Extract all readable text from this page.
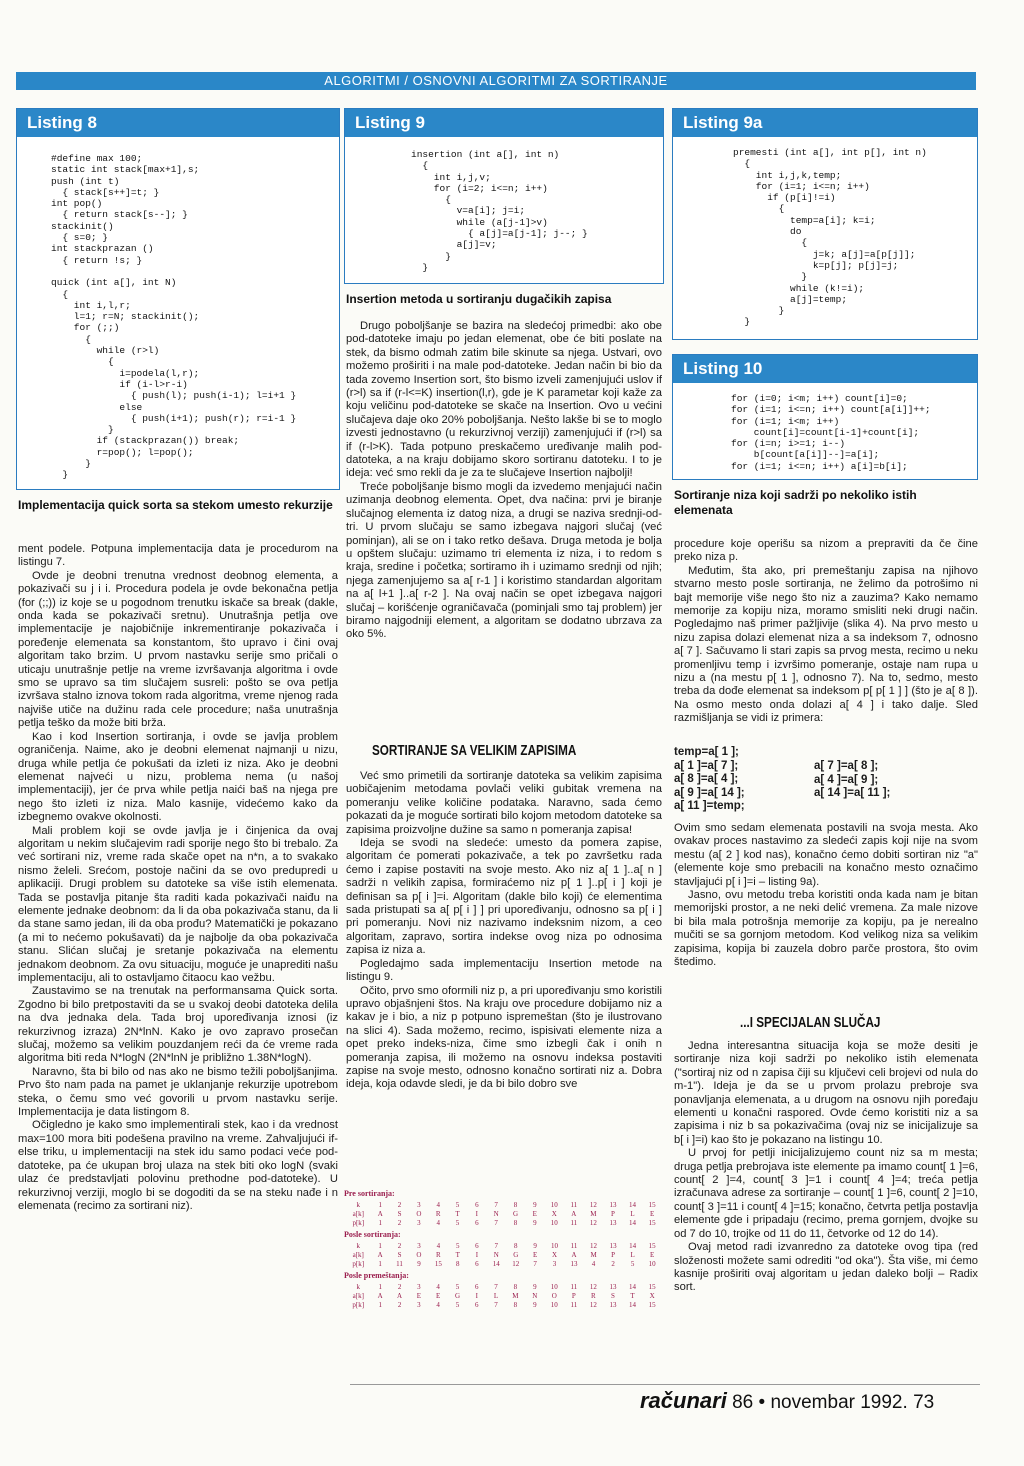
ALGORITMI / OSNOVNI ALGORITMI ZA SORTIRANJE
Listing 8
#define max 100;
static int stack[max+1],s;
push (int t)
{ stack[s++]=t; }
int pop()
{ return stack[s--]; }
stackinit()
{ s=0; }
int stackprazan ()
{ return !s; }

quick (int a[], int N)
{
int i,l,r;
l=1; r=N; stackinit();
for (;;)
{
while (r>l)
{
i=podela(l,r);
if (i-l>r-i)
{ push(l); push(i-1); l=i+1 }
else
{ push(i+1); push(r); r=i-1 }
}
if (stackprazan()) break;
r=pop(); l=pop();
}
}
Implementacija quick sorta sa stekom umesto rekurzije
Listing 9
insertion (int a[], int n)
{
int i,j,v;
for (i=2; i<=n; i++)
{
v=a[i]; j=i;
while (a[j-1]>v)
{ a[j]=a[j-1]; j--; }
a[j]=v;
}
}
Insertion metoda u sortiranju dugačikih zapisa
Listing 9a
premesti (int a[], int p[], int n)
{
int i,j,k,temp;
for (i=1; i<=n; i++)
if (p[i]!=i)
{
temp=a[i]; k=i;
do
{
j=k; a[j]=a[p[j]];
k=p[j]; p[j]=j;
}
while (k!=i);
a[j]=temp;
}
}
Listing 10
for (i=0; i<m; i++) count[i]=0;
for (i=1; i<=n; i++) count[a[i]]++;
for (i=1; i<m; i++)
count[i]=count[i-1]+count[i];
for (i=n; i>=1; i--)
b[count[a[i]]--]=a[i];
for (i=1; i<=n; i++) a[i]=b[i];
Sortiranje niza koji sadrži po nekoliko istih elemenata

ment podele. Potpuna implementacija data je procedurom na listingu 7.

Ovde je deobni trenutna vrednost deobnog elementa, a pokazivači su j i i. Procedura podela je ovde bekonačna petlja (for (;;)) iz koje se u pogodnom trenutku iskače sa break (dakle, onda kada se pokazivači sretnu). Unutrašnja petlja ove implementacije je najobičnije inkrementiranje pokazivača i poređenje elemenata sa konstantom, što upravo i čini ovaj algoritam tako brzim. U prvom nastavku serije smo pričali o uticaju unutrašnje petlje na vreme izvršavanja algoritma i ovde smo se upravo sa tim slučajem susreli: pošto se ova petlja izvršava stalno iznova tokom rada algoritma, vreme njenog rada najviše utiče na dužinu rada cele procedure; naša unutrašnja petlja teško da može biti brža.

Kao i kod Insertion sortiranja, i ovde se javlja problem ograničenja. Naime, ako je deobni elemenat najmanji u nizu, druga while petlja će pokušati da izleti iz niza. Ako je deobni elemenat najveći u nizu, problema nema (u našoj implementaciji), jer će prva while petlja naići baš na njega pre nego što izleti iz niza. Malo kasnije, videćemo kako da izbegnemo ovakve okolnosti.

Mali problem koji se ovde javlja je i činjenica da ovaj algoritam u nekim slučajevim radi sporije nego što bi trebalo. Za već sortirani niz, vreme rada skače opet na n*n, a to svakako nismo želeli. Srećom, postoje načini da se ovo predupredi u aplikaciji. Drugi problem su datoteke sa više istih elemenata. Tada se postavlja pitanje šta raditi kada pokazivači naiđu na elemente jednake deobnom: da li da oba pokazivača stanu, da li da stane samo jedan, ili da oba prođu? Matematički je pokazano (a mi to nećemo pokušavati) da je najbolje da oba pokazivača stanu. Slićan slučaj je sretanje pokazivača na elementu jednakom deobnom. Za ovu situaciju, moguće je unaprediti našu implementaciju, ali to ostavljamo čitaocu kao vežbu.

Zaustavimo se na trenutak na performansama Quick sorta. Zgodno bi bilo pretpostaviti da se u svakoj deobi datoteka delila na dva jednaka dela. Tada broj upoređivanja iznosi (iz rekurzivnog izraza) 2N*lnN. Kako je ovo zapravo prosečan slučaj, možemo sa velikim pouzdanjem reći da će vreme rada algoritma biti reda N*logN (2N*lnN je približno 1.38N*logN).

Naravno, šta bi bilo od nas ako ne bismo težili poboljšanjima. Prvo što nam pada na pamet je uklanjanje rekurzije upotrebom steka, o čemu smo već govorili u prvom nastavku serije. Implementacija je data listingom 8.

Očigledno je kako smo implementirali stek, kao i da vrednost max=100 mora biti podešena pravilno na vreme. Zahvaljujući if-else triku, u implementaciji na stek idu samo podaci veće pod-datoteke, pa će ukupan broj ulaza na stek biti oko logN (svaki ulaz će predstavljati polovinu prethodne pod-datoteke). U rekurzivnoj verziji, moglo bi se dogoditi da se na steku nađe i n elemenata (recimo za sortirani niz).

Drugo poboljšanje se bazira na sledećoj primedbi: ako obe pod-datoteke imaju po jedan elemenat, obe će biti poslate na stek, da bismo odmah zatim bile skinute sa njega. Ustvari, ovo možemo proširiti i na male pod-datoteke. Jedan način bi bio da tada zovemo Insertion sort, što bismo izveli zamenjujući uslov if (r>l) sa if (r-l<=K) insertion(l,r), gde je K parametar koji kaže za koju veličinu pod-datoteke se skače na Insertion. Ovo u većini slučajeva daje oko 20% poboljšanja. Nešto lakše bi se to moglo izvesti jednostavno (u rekurzivnoj verziji) zamenjujući if (r>l) sa if (r-l>K). Tada potpuno preskačemo uređivanje malih pod-datoteka, a na kraju dobijamo skoro sortiranu datoteku. I to je ideja: već smo rekli da je za te slučajeve Insertion najbolji!

Treće poboljšanje bismo mogli da izvedemo menjajući način uzimanja deobnog elementa. Opet, dva načina: prvi je biranje slučajnog elementa iz datog niza, a drugi se naziva srednji-od-tri. U prvom slučaju se samo izbegava najgori slučaj (već pominjan), ali se on i tako retko dešava. Druga metoda je bolja u opštem slučaju: uzimamo tri elementa iz niza, i to redom s kraja, sredine i početka; sortiramo ih i uzimamo srednji od njih; njega zamenjujemo sa a[ r-1 ] i koristimo standardan algoritam na a[ l+1 ]..a[ r-2 ]. Na ovaj način se opet izbegava najgori slučaj – korišćenje ograničavača (pominjali smo taj problem) jer biramo najgodniji element, a algoritam se dodatno ubrzava za oko 5%.

SORTIRANJE SA VELIKIM ZAPISIMA

Već smo primetili da sortiranje datoteka sa velikim zapisima uobičajenim metodama povlači veliki gubitak vremena na pomeranju velike količine podataka. Naravno, sada ćemo pokazati da je moguće sortirati bilo kojom metodom datoteke sa zapisima proizvoljne dužine sa samo n pomeranja zapisa!

Ideja se svodi na sledeće: umesto da pomera zapise, algoritam će pomerati pokazivače, a tek po završetku rada ćemo i zapise postaviti na svoje mesto. Ako niz a[ 1 ]..a[ n ] sadrži n velikih zapisa, formiraćemo niz p[ 1 ]..p[ i ] koji je definisan sa p[ i ]=i. Algoritam (dakle bilo koji) će elementima sada pristupati sa a[ p[ i ] ] pri upoređivanju, odnosno sa p[ i ] pri pomeranju. Novi niz nazivamo indeksnim nizom, a ceo algoritam, zapravo, sortira indekse ovog niza po odnosima zapisa iz niza a.

Pogledajmo sada implementaciju Insertion metode na listingu 9.

Očito, prvo smo oformili niz p, a pri upoređivanju smo koristili upravo objašnjeni štos. Na kraju ove procedure dobijamo niz a kakav je i bio, a niz p potpuno ispremeštan (što je ilustrovano na slici 4). Sada možemo, recimo, ispisivati elemente niza a opet preko indeks-niza, čime smo izbegli čak i onih n pomeranja zapisa, ili možemo na osnovu indeksa postaviti zapise na svoje mesto, odnosno konačno sortirati niz a. Dobra ideja, koja odavde sledi, je da bi bilo dobro sve

Pre sortiranja:
k	1	2	3	4	5	6	7	8	9	10	11	12	13	14	15
a[k]	A	S	O	R	T	I	N	G	E	X	A	M	P	L	E
p[k]	1	2	3	4	5	6	7	8	9	10	11	12	13	14	15
Posle sortiranja:
k	1	2	3	4	5	6	7	8	9	10	11	12	13	14	15
a[k]	A	S	O	R	T	I	N	G	E	X	A	M	P	L	E
p[k]	1	11	9	15	8	6	14	12	7	3	13	4	2	5	10
Posle premeštanja:
k	1	2	3	4	5	6	7	8	9	10	11	12	13	14	15
a[k]	A	A	E	E	G	I	L	M	N	O	P	R	S	T	X
p[k]	1	2	3	4	5	6	7	8	9	10	11	12	13	14	15

procedure koje operišu sa nizom a prepraviti da če čine preko niza p.

Međutim, šta ako, pri premeštanju zapisa na njihovo stvarno mesto posle sortiranja, ne želimo da potrošimo ni bajt memorije više nego što niz a zauzima? Kako nemamo memorije za kopiju niza, moramo smisliti neki drugi način. Pogledajmo naš primer pažljivije (slika 4). Na prvo mesto u nizu zapisa dolazi elemenat niza a sa indeksom 7, odnosno a[ 7 ]. Sačuvamo li stari zapis sa prvog mesta, recimo u neku promenljivu temp i izvršimo pomeranje, ostaje nam rupa u nizu a (na mestu p[ 1 ], odnosno 7). Na to, sedmo, mesto treba da dođe elemenat sa indeksom p[ p[ 1 ] ] (što je a[ 8 ]). Na osmo mesto onda dolazi a[ 4 ] i tako dalje. Sled razmišljanja se vidi iz primera:

temp=a[ 1 ];
a[ 1 ]=a[ 7 ];
a[ 8 ]=a[ 4 ];
a[ 9 ]=a[ 14 ];
a[ 11 ]=temp;
a[ 7 ]=a[ 8 ];
a[ 4 ]=a[ 9 ];
a[ 14 ]=a[ 11 ];

Ovim smo sedam elemenata postavili na svoja mesta. Ako ovakav proces nastavimo za sledeći zapis koji nije na svom mestu (a[ 2 ] kod nas), konačno ćemo dobiti sortiran niz "a" (elemente koje smo prebacili na konačno mesto označimo stavljajući p[ i ]=i – listing 9a).

Jasno, ovu metodu treba koristiti onda kada nam je bitan memorijski prostor, a ne neki delić vremena. Za male nizove bi bila mala potrošnja memorije za kopiju, pa je nerealno mučiti se sa gornjom metodom. Kod velikog niza sa velikim zapisima, kopija bi zauzela dobro parče prostora, što ovim štedimo.

...I SPECIJALAN SLUČAJ

Jedna interesantna situacija koja se može desiti je sortiranje niza koji sadrži po nekoliko istih elemenata ("sortiraj niz od n zapisa čiji su ključevi celi brojevi od nula do m-1"). Ideja je da se u prvom prolazu prebroje sva ponavljanja elemenata, a u drugom na osnovu njih poređaju elementi u konačni raspored. Ovde ćemo koristiti niz a sa zapisima i niz b sa pokazivačima (ovaj niz se inicijalizuje sa b[ i ]=i) kao što je pokazano na listingu 10.

U prvoj for petlji inicijalizujemo count niz sa m mesta; druga petlja prebrojava iste elemente pa imamo count[ 1 ]=6, count[ 2 ]=4, count[ 3 ]=1 i count[ 4 ]=4; treća petlja izračunava adrese za sortiranje – count[ 1 ]=6, count[ 2 ]=10, count[ 3 ]=11 i count[ 4 ]=15; konačno, četvrta petlja postavlja elemente gde i pripadaju (recimo, prema gornjem, dvojke su od 7 do 10, trojke od 11 do 11, četvorke od 12 do 14).

Ovaj metod radi izvanredno za datoteke ovog tipa (red složenosti možete sami odrediti "od oka"). Šta više, mi ćemo kasnije proširiti ovaj algoritam u jedan daleko bolji – Radix sort.

računari 86 • novembar 1992. 73
